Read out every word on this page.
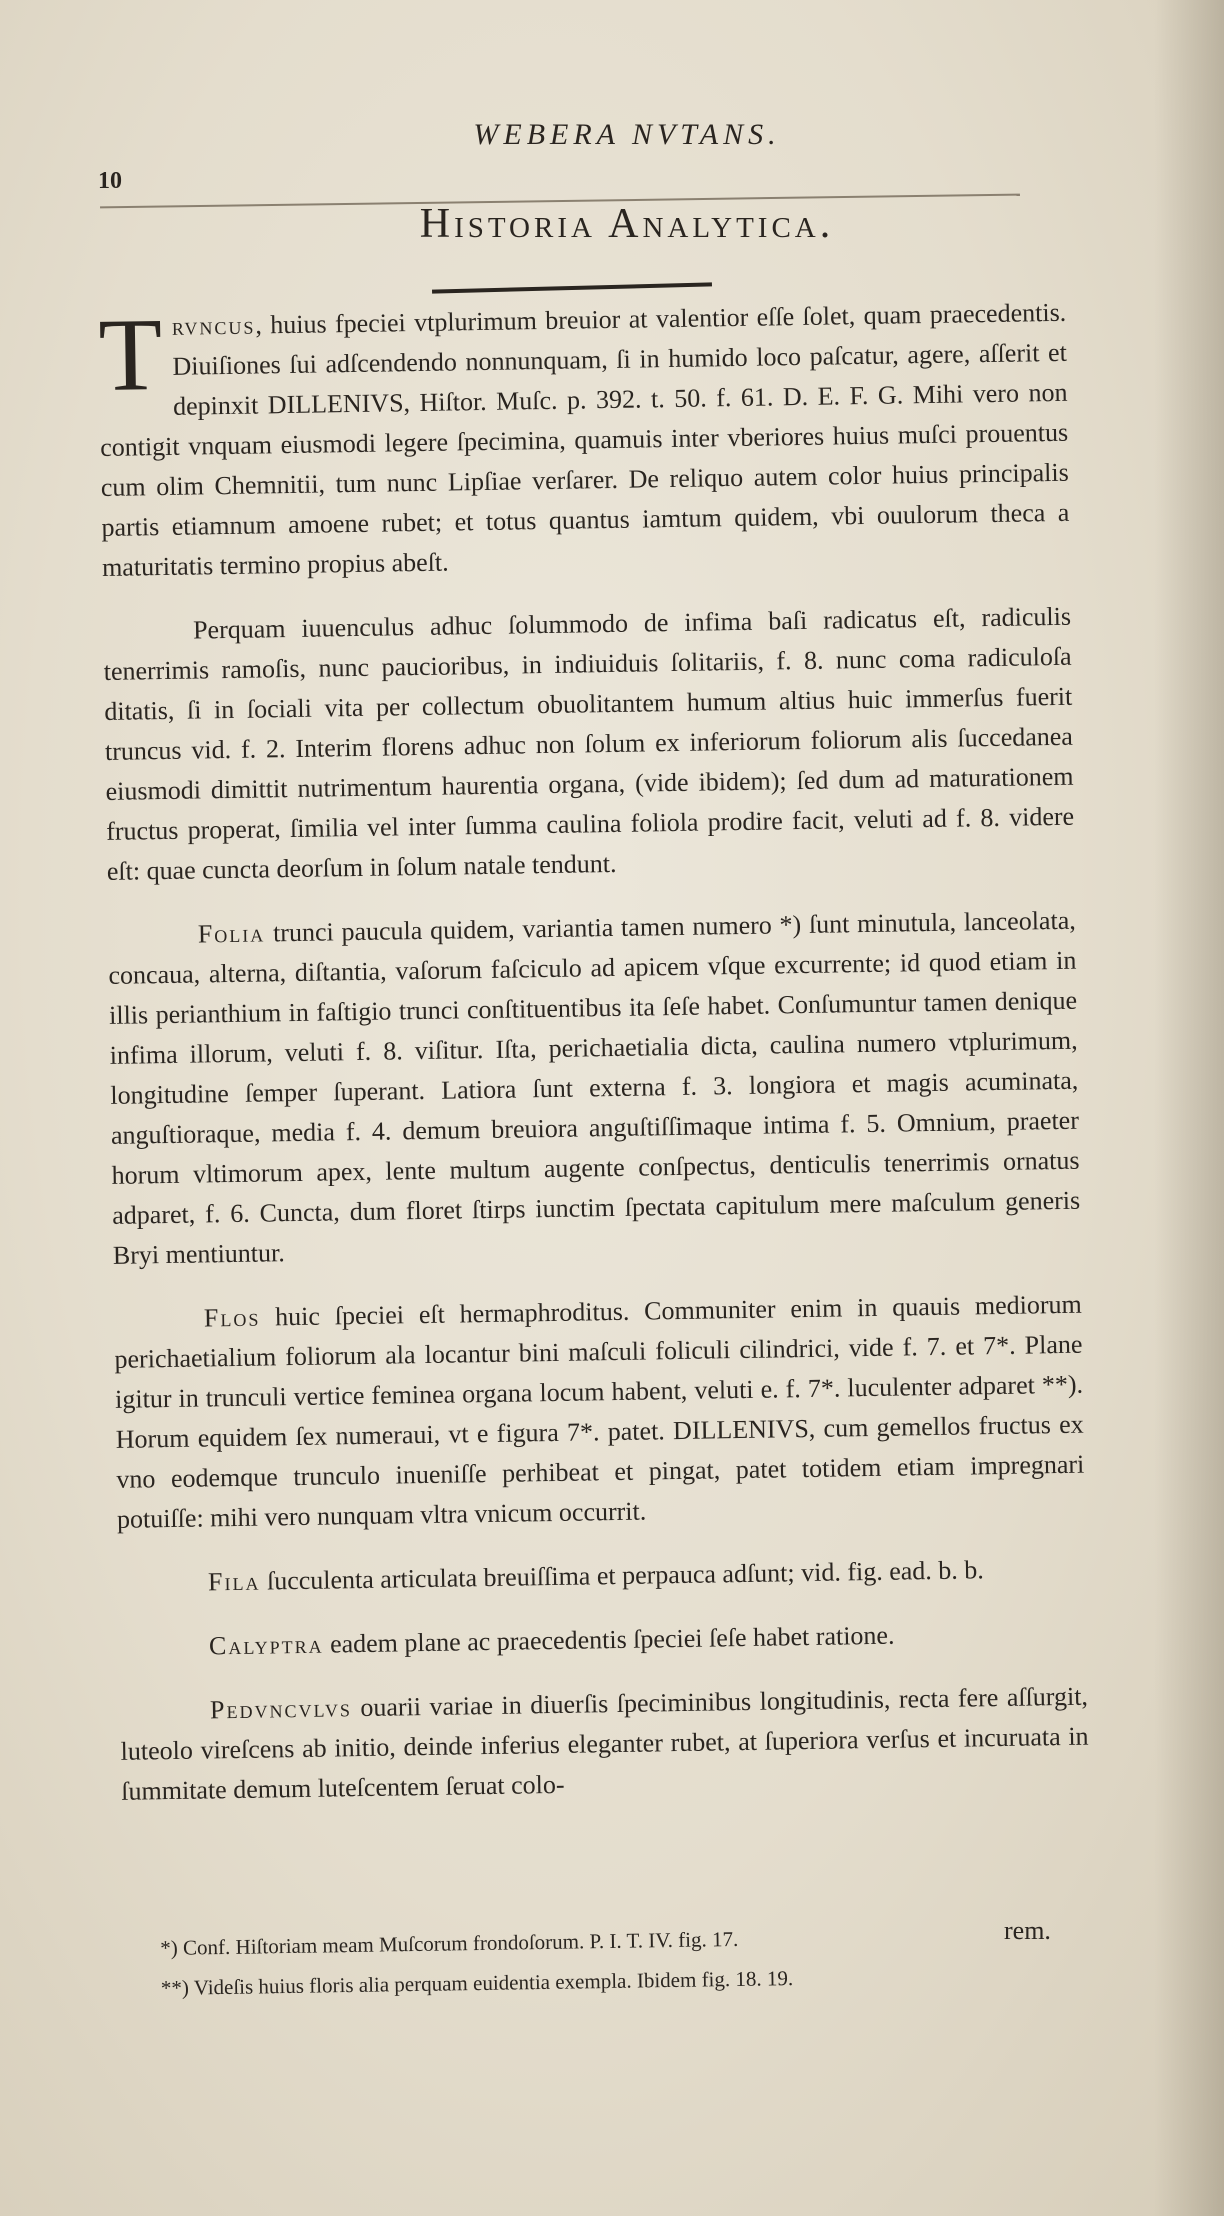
WEBERA NVTANS.
10
Historia Analytica.

Trvncus, huius fpeciei vtplurimum breuior at valentior eſſe ſolet, quam praecedentis. Diuiſiones ſui adſcendendo nonnunquam, ſi in humido loco paſcatur, agere, aſſerit et depinxit DILLENIVS, Hiſtor. Muſc. p. 392. t. 50. f. 61. D. E. F. G. Mihi vero non contigit vnquam eiusmodi legere ſpecimina, quamuis inter vberiores huius muſci prouentus cum olim Chemnitii, tum nunc Lipſiae verſarer. De reliquo autem color huius principalis partis etiamnum amoene rubet; et totus quantus iamtum quidem, vbi ouulorum theca a maturitatis termino propius abeſt.

Perquam iuuenculus adhuc ſolummodo de infima baſi radicatus eſt, radiculis tenerrimis ramoſis, nunc paucioribus, in indiuiduis ſolitariis, f. 8. nunc coma radiculoſa ditatis, ſi in ſociali vita per collectum obuolitantem humum altius huic immerſus fuerit truncus vid. f. 2. Interim florens adhuc non ſolum ex inferiorum foliorum alis ſuccedanea eiusmodi dimittit nutrimentum haurentia organa, (vide ibidem); ſed dum ad maturationem fructus properat, ſimilia vel inter ſumma caulina foliola prodire facit, veluti ad f. 8. videre eſt: quae cuncta deorſum in ſolum natale tendunt.

Folia trunci paucula quidem, variantia tamen numero *) ſunt minutula, lanceolata, concaua, alterna, diſtantia, vaſorum faſciculo ad apicem vſque excurrente; id quod etiam in illis perianthium in faſtigio trunci conſtituentibus ita ſeſe habet. Conſumuntur tamen denique infima illorum, veluti f. 8. viſitur. Iſta, perichaetialia dicta, caulina numero vtplurimum, longitudine ſemper ſuperant. Latiora ſunt externa f. 3. longiora et magis acuminata, anguſtioraque, media f. 4. demum breuiora anguſtiſſimaque intima f. 5. Omnium, praeter horum vltimorum apex, lente multum augente conſpectus, denticulis tenerrimis ornatus adparet, f. 6. Cuncta, dum floret ſtirps iunctim ſpectata capitulum mere maſculum generis Bryi mentiuntur.

Flos huic ſpeciei eſt hermaphroditus. Communiter enim in quauis mediorum perichaetialium foliorum ala locantur bini maſculi foliculi cilindrici, vide f. 7. et 7*. Plane igitur in trunculi vertice feminea organa locum habent, veluti e. f. 7*. luculenter adparet **). Horum equidem ſex numeraui, vt e figura 7*. patet. DILLENIVS, cum gemellos fructus ex vno eodemque trunculo inueniſſe perhibeat et pingat, patet totidem etiam impregnari potuiſſe: mihi vero nunquam vltra vnicum occurrit.

Fila ſucculenta articulata breuiſſima et perpauca adſunt; vid. fig. ead. b. b.

Calyptra eadem plane ac praecedentis ſpeciei ſeſe habet ratione.

Pedvncvlvs ouarii variae in diuerſis ſpeciminibus longitudinis, recta fere aſſurgit, luteolo vireſcens ab initio, deinde inferius eleganter rubet, at ſuperiora verſus et incuruata in ſummitate demum luteſcentem ſeruat colo-

rem.

*) Conf. Hiſtoriam meam Muſcorum frondoſorum. P. I. T. IV. fig. 17.

**) Videſis huius floris alia perquam euidentia exempla. Ibidem fig. 18. 19.
